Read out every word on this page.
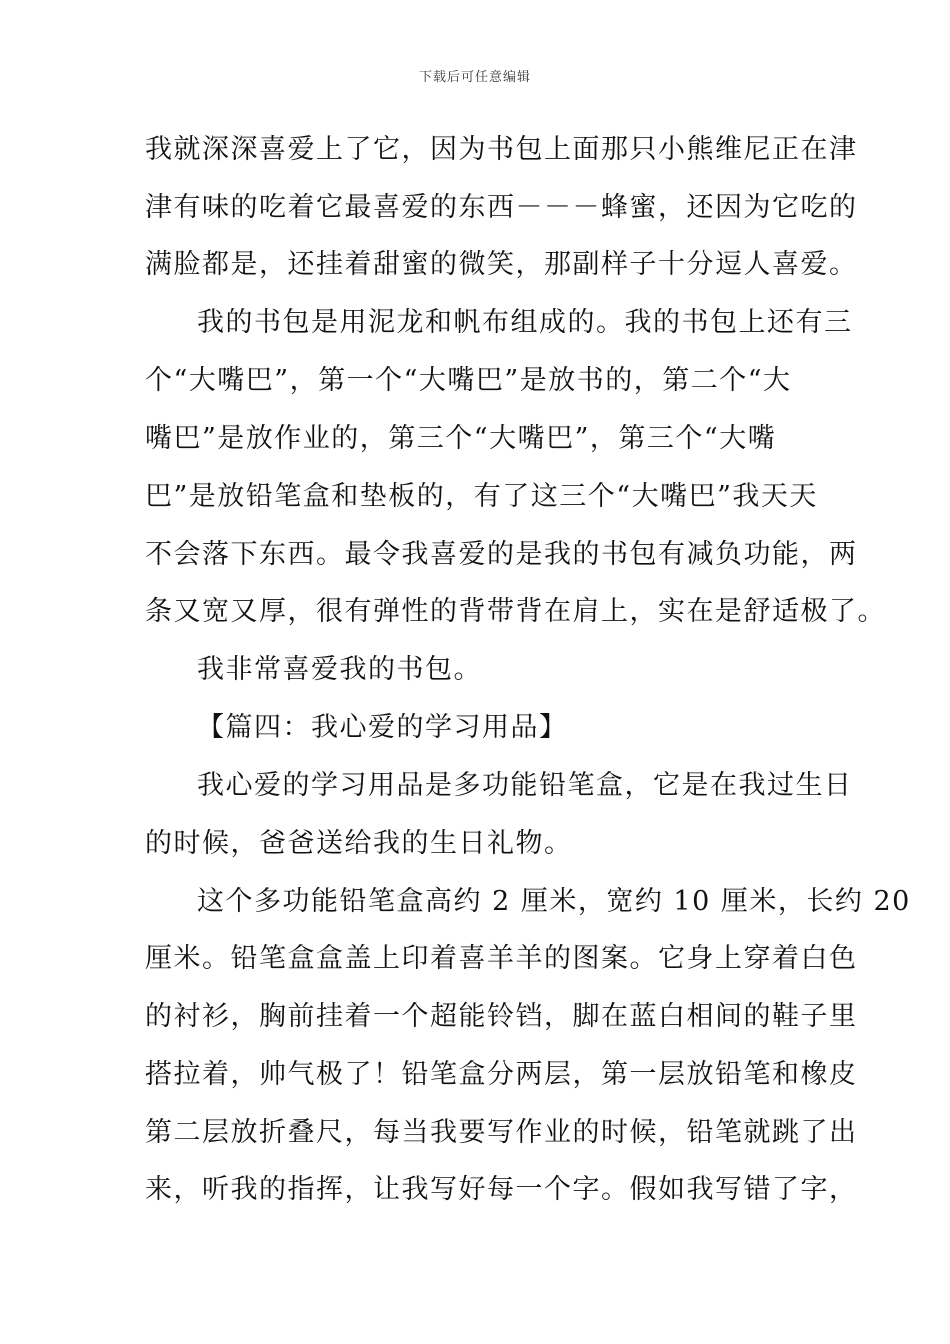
下载后可任意编辑
我就深深喜爱上了它，因为书包上面那只小熊维尼正在津
津有味的吃着它最喜爱的东西－－－蜂蜜，还因为它吃的
满脸都是，还挂着甜蜜的微笑，那副样子十分逗人喜爱。
我的书包是用泥龙和帆布组成的。我的书包上还有三
个“大嘴巴”，第一个“大嘴巴”是放书的，第二个“大
嘴巴”是放作业的，第三个“大嘴巴”，第三个“大嘴
巴”是放铅笔盒和垫板的，有了这三个“大嘴巴”我天天
不会落下东西。最令我喜爱的是我的书包有减负功能，两
条又宽又厚，很有弹性的背带背在肩上，实在是舒适极了。
我非常喜爱我的书包。
【篇四：我心爱的学习用品】
我心爱的学习用品是多功能铅笔盒，它是在我过生日
的时候，爸爸送给我的生日礼物。
这个多功能铅笔盒高约 2 厘米，宽约 10 厘米，长约 20
厘米。铅笔盒盒盖上印着喜羊羊的图案。它身上穿着白色
的衬衫，胸前挂着一个超能铃铛，脚在蓝白相间的鞋子里
搭拉着，帅气极了！铅笔盒分两层，第一层放铅笔和橡皮
第二层放折叠尺，每当我要写作业的时候，铅笔就跳了出
来，听我的指挥，让我写好每一个字。假如我写错了字，
